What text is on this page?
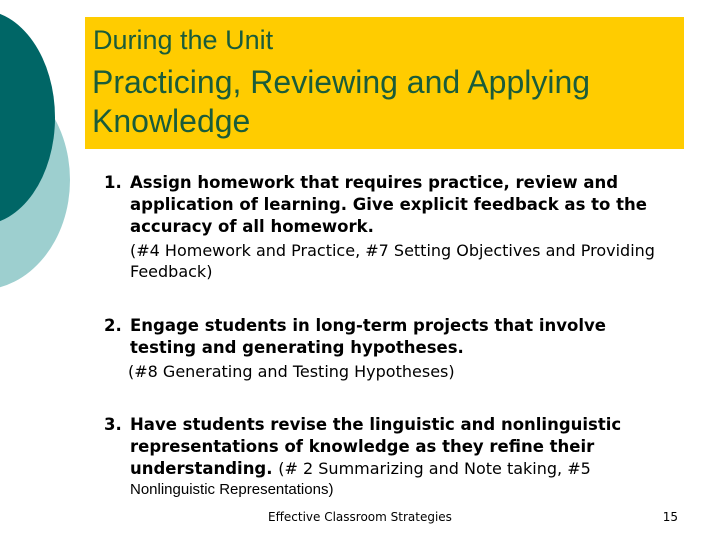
During the Unit
Practicing, Reviewing and Applying Knowledge
1. Assign homework that requires practice, review and application of learning. Give explicit feedback as to the accuracy of all homework.
(#4 Homework and Practice, #7 Setting Objectives and Providing Feedback)
2. Engage students in long-term projects that involve testing and generating hypotheses.
(#8 Generating and Testing Hypotheses)
3. Have students revise the linguistic and nonlinguistic representations of knowledge as they refine their understanding. (# 2 Summarizing and Note taking, #5
Nonlinguistic Representations)
Effective Classroom Strategies	15
